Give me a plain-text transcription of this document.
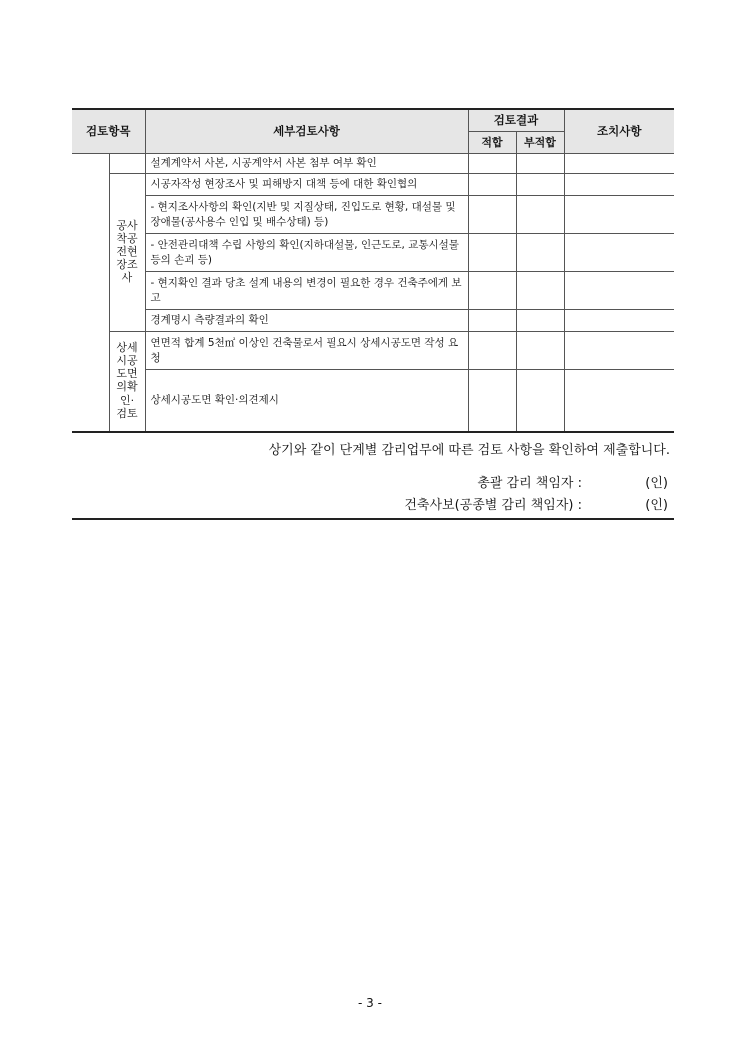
검토항목		세부검토사항	검토결과		조치사항
			적합	부적합	
		설계계약서 사본, 시공계약서 사본 첨부 여부 확인			
	공사착공전현장조사	시공자작성 현장조사 및 피해방지 대책 등에 대한 확인협의			
		- 현지조사사항의 확인(지반 및 지질상태, 진입도로 현황, 대설물 및 장애물(공사용수 인입 및 배수상태) 등)			
		- 안전관리대책 수립 사항의 확인(지하대설물, 인근도로, 교통시설물 등의 손괴 등)			
		- 현지확인 결과 당초 설계 내용의 변경이 필요한 경우 건축주에게 보고			
		경계명시 측량결과의 확인			
	상세시공도면의확인·검토	연면적 합계 5천㎡ 이상인 건축물로서 필요시 상세시공도면 작성 요청			
		상세시공도면 확인·의견제시			
상기와 같이 단계별 감리업무에 따른 검토 사항을 확인하여 제출합니다.
총괄 감리 책임자 :	(인)
건축사보(공종별 감리 책임자) :	(인)
- 3 -
